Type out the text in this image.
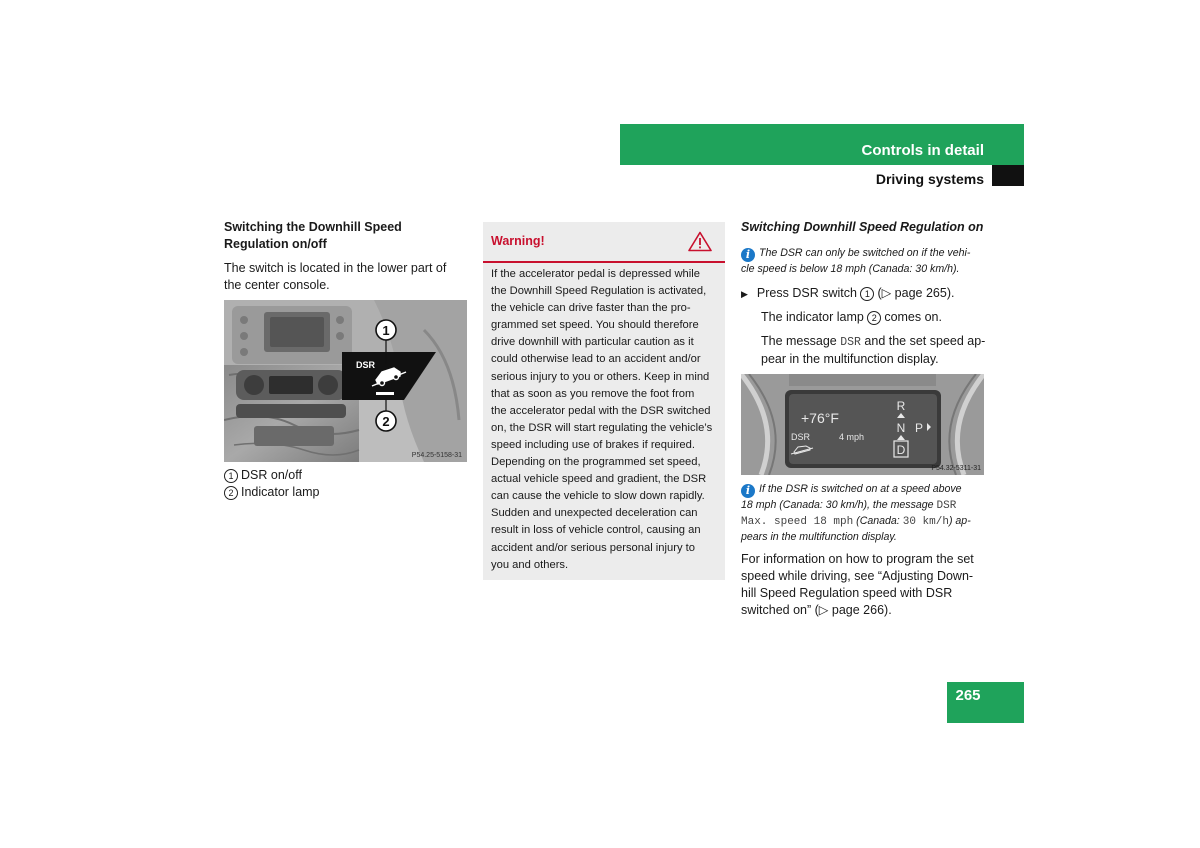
Controls in detail
Driving systems

Switching the Downhill Speed Regulation on/off

The switch is located in the lower part of the center console.

DSR
1
2
P54.25-5158-31

1 DSR on/off

2 Indicator lamp

Warning!
If the accelerator pedal is depressed while
the Downhill Speed Regulation is activated,
the vehicle can drive faster than the pro-
grammed set speed. You should therefore
drive downhill with particular caution as it
could otherwise lead to an accident and/or
serious injury to you or others. Keep in mind
that as soon as you remove the foot from
the accelerator pedal with the DSR switched
on, the DSR will start regulating the vehicle’s
speed including use of brakes if required.
Depending on the programmed set speed,
actual vehicle speed and gradient, the DSR
can cause the vehicle to slow down rapidly.
Sudden and unexpected deceleration can
result in loss of vehicle control, causing an
accident and/or serious personal injury to
you and others.
Switching Downhill Speed Regulation on
i The DSR can only be switched on if the vehi-
cle speed is below 18 mph (Canada: 30 km/h).

▶ Press DSR switch 1 (▷ page 265).

The indicator lamp 2 comes on.

The message DSR and the set speed ap-

pear in the multifunction display.

+76°F
DSR	4 mph
R
N
D
P
P54.32-5311-31
i If the DSR is switched on at a speed above
18 mph (Canada: 30 km/h), the message DSR
Max. speed 18 mph (Canada: 30 km/h) ap-
pears in the multifunction display.

For information on how to program the set

speed while driving, see “Adjusting Down-

hill Speed Regulation speed with DSR

switched on” (▷ page 266).

265
